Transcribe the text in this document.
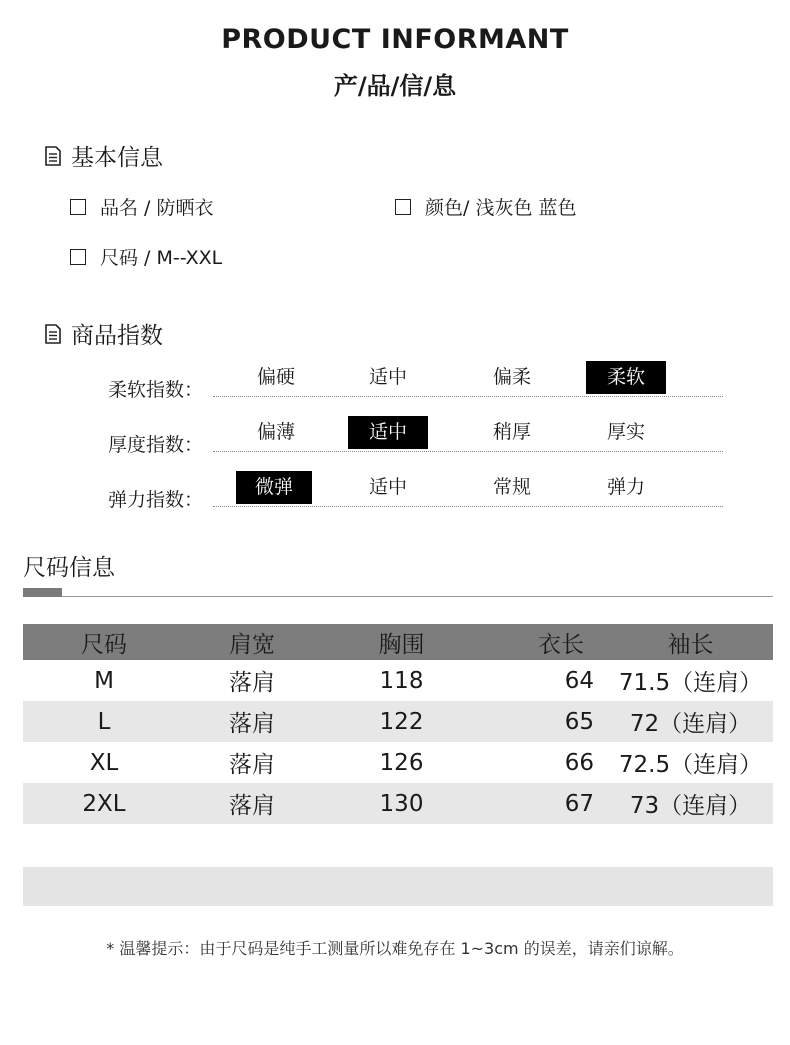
PRODUCT INFORMANT
产/品/信/息
基本信息
品名 / 防晒衣	颜色/ 浅灰色 蓝色
尺码 / M--XXL
商品指数
柔软指数：
偏硬	适中	偏柔	柔软
厚度指数：
偏薄	适中	稍厚	厚实
弹力指数：
微弹	适中	常规	弹力
尺码信息
尺码	肩宽	胸围	衣长	袖长
M	落肩	118	64	71.5（连肩）
L	落肩	122	65	72（连肩）
XL	落肩	126	66	72.5（连肩）
2XL	落肩	130	67	73（连肩）
* 温馨提示：由于尺码是纯手工测量所以难免存在 1~3cm 的误差，请亲们谅解。
